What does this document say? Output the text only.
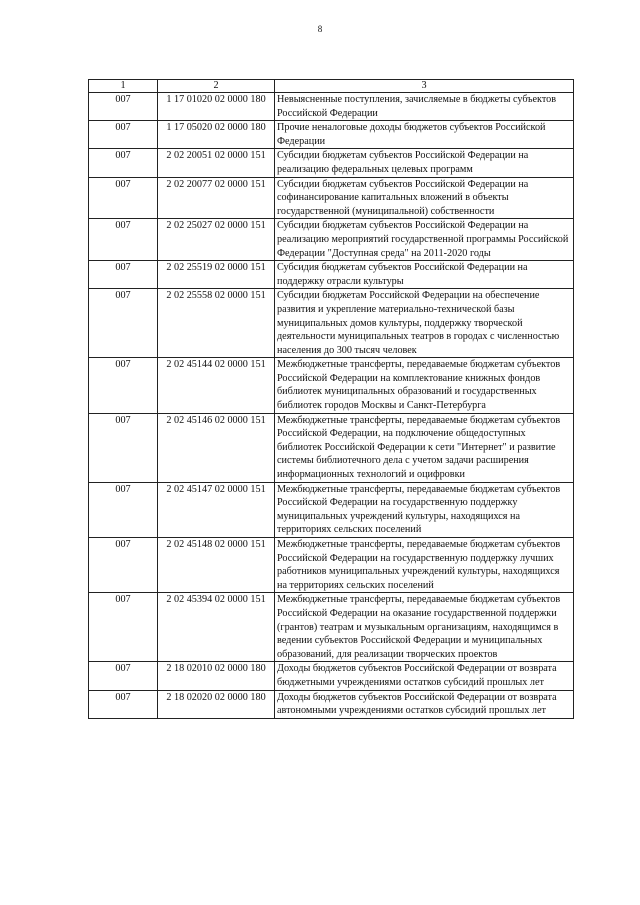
8
1	2	3
007	1 17 01020 02 0000 180	Невыясненные поступления, зачисляемые в бюджеты субъектов Российской Федерации
007	1 17 05020 02 0000 180	Прочие неналоговые доходы бюджетов субъектов Российской Федерации
007	2 02 20051 02 0000 151	Субсидии бюджетам субъектов Российской Федерации на реализацию федеральных целевых программ
007	2 02 20077 02 0000 151	Субсидии бюджетам субъектов Российской Федерации на софинансирование капитальных вложений в объекты государственной (муниципальной) собственности
007	2 02 25027 02 0000 151	Субсидии бюджетам субъектов Российской Федерации на реализацию мероприятий государственной программы Российской Федерации "Доступная среда" на 2011-2020 годы
007	2 02 25519 02 0000 151	Субсидия бюджетам субъектов Российской Федерации на поддержку отрасли культуры
007	2 02 25558 02 0000 151	Субсидии бюджетам Российской Федерации на обеспечение развития и укрепление материально-технической базы муниципальных домов культуры, поддержку творческой деятельности муниципальных театров в городах с численностью населения до 300 тысяч человек
007	2 02 45144 02 0000 151	Межбюджетные трансферты, передаваемые бюджетам субъектов Российской Федерации на комплектование книжных фондов библиотек муниципальных образований и государственных библиотек городов Москвы и Санкт-Петербурга
007	2 02 45146 02 0000 151	Межбюджетные трансферты, передаваемые бюджетам субъектов Российской Федерации, на подключение общедоступных библиотек Российской Федерации к сети "Интернет" и развитие системы библиотечного дела с учетом задачи расширения информационных технологий и оцифровки
007	2 02 45147 02 0000 151	Межбюджетные трансферты, передаваемые бюджетам субъектов Российской Федерации на государственную поддержку муниципальных учреждений культуры, находящихся на территориях сельских поселений
007	2 02 45148 02 0000 151	Межбюджетные трансферты, передаваемые бюджетам субъектов Российской Федерации на государственную поддержку лучших работников муниципальных учреждений культуры, находящихся на территориях сельских поселений
007	2 02 45394 02 0000 151	Межбюджетные трансферты, передаваемые бюджетам субъектов Российской Федерации на оказание государственной поддержки (грантов) театрам и музыкальным организациям, находящимся в ведении субъектов Российской Федерации и муниципальных образований, для реализации творческих проектов
007	2 18 02010 02 0000 180	Доходы бюджетов субъектов Российской Федерации от возврата бюджетными учреждениями остатков субсидий прошлых лет
007	2 18 02020 02 0000 180	Доходы бюджетов субъектов Российской Федерации от возврата автономными учреждениями остатков субсидий прошлых лет
